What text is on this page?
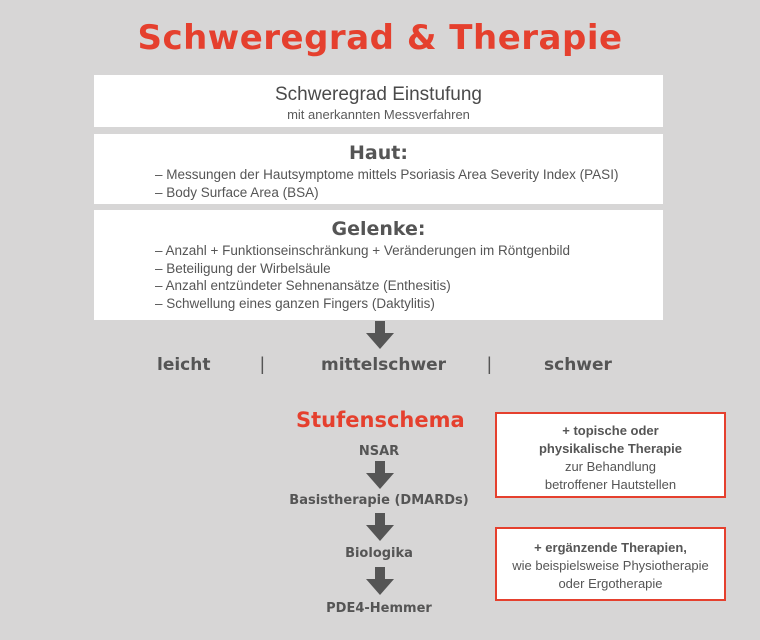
Schweregrad & Therapie
Schweregrad Einstufung
mit anerkannten Messverfahren
Haut:
– Messungen der Hautsymptome mittels Psoriasis Area Severity Index (PASI)
– Body Surface Area (BSA)
Gelenke:
– Anzahl + Funktionseinschränkung + Veränderungen im Röntgenbild
– Beteiligung der Wirbelsäule
– Anzahl entzündeter Sehnenansätze (Enthesitis)
– Schwellung eines ganzen Fingers (Daktylitis)
leicht	|	mittelschwer |	schwer
Stufenschema
NSAR
Basistherapie (DMARDs)
Biologika
PDE4-Hemmer
+ topische oder
physikalische Therapie
zur Behandlung
betroffener Hautstellen
+ ergänzende Therapien,
wie beispielsweise Physiotherapie
oder Ergotherapie
